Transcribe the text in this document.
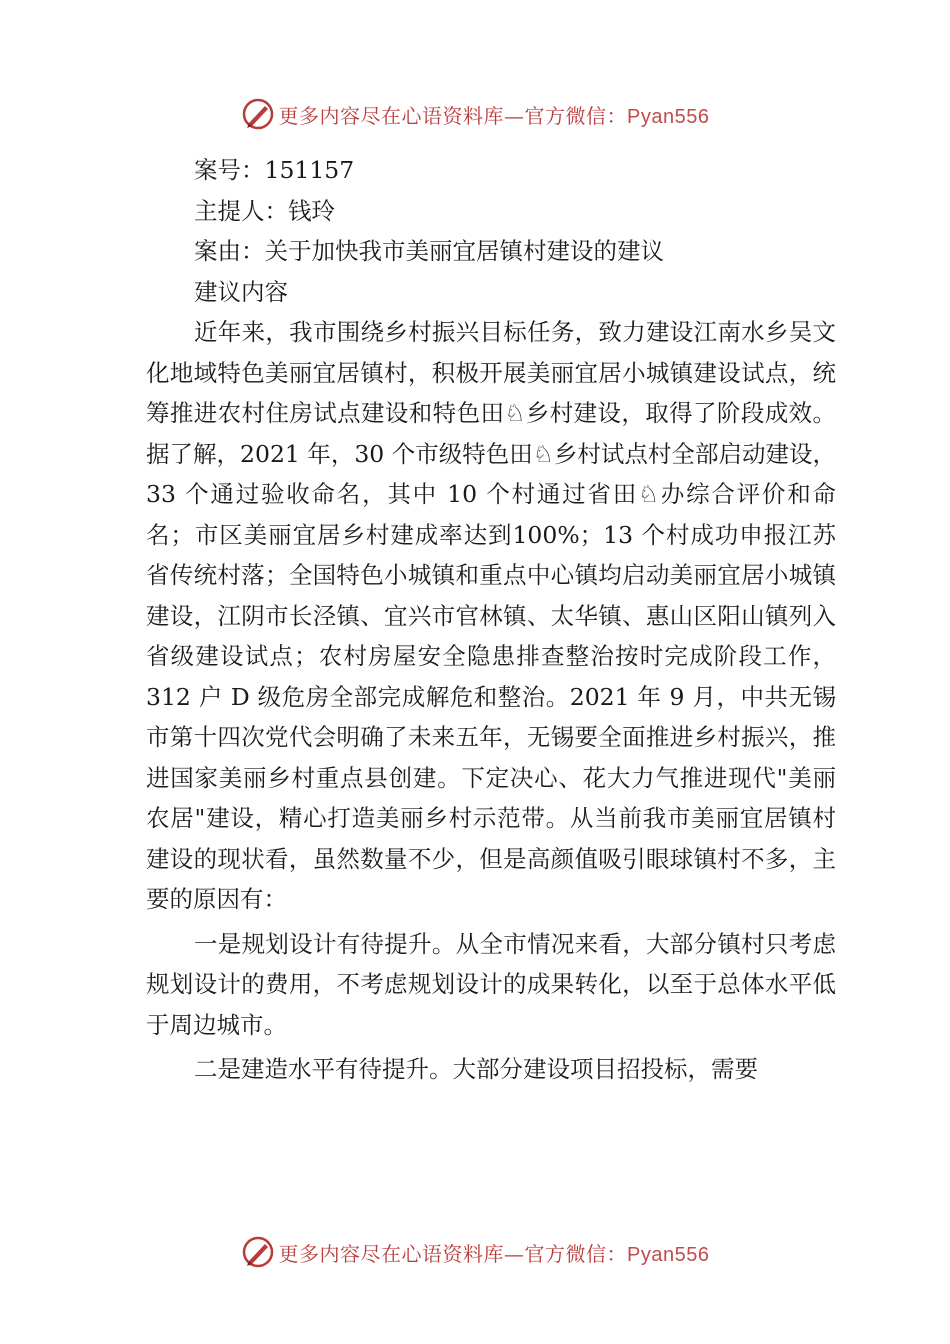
更多内容尽在心语资料库—官方微信：Pyan556

案号：151157

主提人：钱玲

案由：关于加快我市美丽宜居镇村建设的建议

建议内容

近年来，我市围绕乡村振兴目标任务，致力建设江南水乡吴文化地域特色美丽宜居镇村，积极开展美丽宜居小城镇建设试点，统筹推进农村住房试点建设和特色田♘乡村建设，取得了阶段成效。据了解，2021 年，30 个市级特色田♘乡村试点村全部启动建设，33 个通过验收命名，其中 10 个村通过省田♘办综合评价和命名；市区美丽宜居乡村建成率达到100%；13 个村成功申报江苏省传统村落；全国特色小城镇和重点中心镇均启动美丽宜居小城镇建设，江阴市长泾镇、宜兴市官林镇、太华镇、惠山区阳山镇列入省级建设试点；农村房屋安全隐患排查整治按时完成阶段工作，312 户 D 级危房全部完成解危和整治。2021 年 9 月，中共无锡市第十四次党代会明确了未来五年，无锡要全面推进乡村振兴，推进国家美丽乡村重点县创建。下定决心、花大力气推进现代"美丽农居"建设，精心打造美丽乡村示范带。从当前我市美丽宜居镇村建设的现状看，虽然数量不少，但是高颜值吸引眼球镇村不多，主要的原因有：

一是规划设计有待提升。从全市情况来看，大部分镇村只考虑规划设计的费用，不考虑规划设计的成果转化，以至于总体水平低于周边城市。

二是建造水平有待提升。大部分建设项目招投标，需要

更多内容尽在心语资料库—官方微信：Pyan556
